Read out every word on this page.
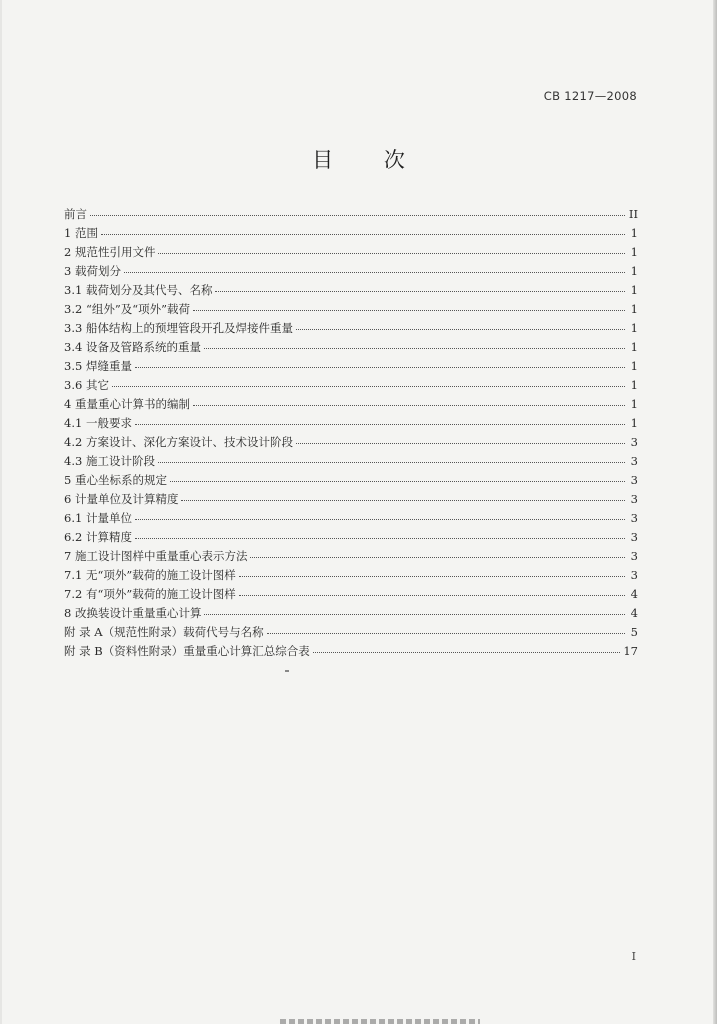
CB 1217—2008
目 次
前言	II
1 范围	1
2 规范性引用文件	1
3 载荷划分	1
3.1 载荷划分及其代号、名称	1
3.2 “组外”及“项外”载荷	1
3.3 船体结构上的预埋管段开孔及焊接件重量	1
3.4 设备及管路系统的重量	1
3.5 焊缝重量	1
3.6 其它	1
4 重量重心计算书的编制	1
4.1 一般要求	1
4.2 方案设计、深化方案设计、技术设计阶段	3
4.3 施工设计阶段	3
5 重心坐标系的规定	3
6 计量单位及计算精度	3
6.1 计量单位	3
6.2 计算精度	3
7 施工设计图样中重量重心表示方法	3
7.1 无“项外”载荷的施工设计图样	3
7.2 有“项外”载荷的施工设计图样	4
8 改换装设计重量重心计算	4
附 录 A（规范性附录）载荷代号与名称	5
附 录 B（资料性附录）重量重心计算汇总综合表	17
I
